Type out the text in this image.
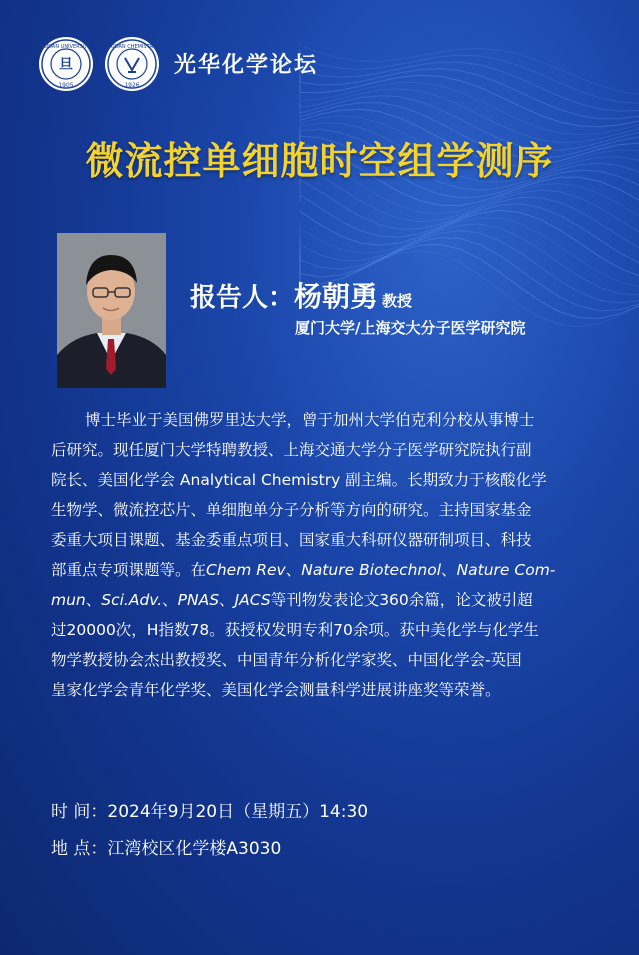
旦
FUDAN UNIVERSITY
1905
FUDAN CHEMISTRY
1926
光华化学论坛
微流控单细胞时空组学测序
报告人：杨朝勇 教授
厦门大学/上海交大分子医学研究院
博士毕业于美国佛罗里达大学，曾于加州大学伯克利分校从事博士
后研究。现任厦门大学特聘教授、上海交通大学分子医学研究院执行副
院长、美国化学会 Analytical Chemistry 副主编。长期致力于核酸化学
生物学、微流控芯片、单细胞单分子分析等方向的研究。主持国家基金
委重大项目课题、基金委重点项目、国家重大科研仪器研制项目、科技
部重点专项课题等。在Chem Rev、Nature Biotechnol、Nature Com-
mun、Sci.Adv.、PNAS、JACS等刊物发表论文360余篇，论文被引超
过20000次，H指数78。获授权发明专利70余项。获中美化学与化学生
物学教授协会杰出教授奖、中国青年分析化学家奖、中国化学会-英国
皇家化学会青年化学奖、美国化学会测量科学进展讲座奖等荣誉。
时 间：2024年9月20日（星期五）14:30
地 点：江湾校区化学楼A3030
